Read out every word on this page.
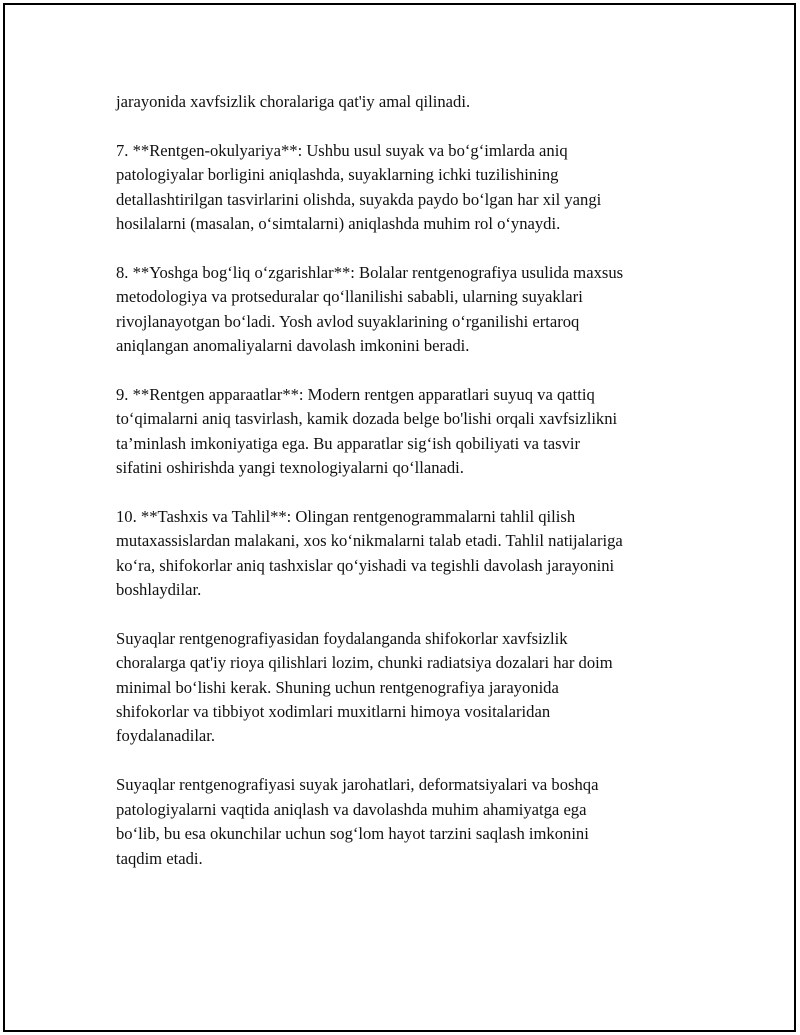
jarayonida xavfsizlik choralariga qat'iy amal qilinadi.

7. **Rentgen-okulyariya**: Ushbu usul suyak va bo‘g‘imlarda aniq
patologiyalar borligini aniqlashda, suyaklarning ichki tuzilishining
detallashtirilgan tasvirlarini olishda, suyakda paydo bo‘lgan har xil yangi
hosilalarni (masalan, o‘simtalarni) aniqlashda muhim rol o‘ynaydi.

8. **Yoshga bog‘liq o‘zgarishlar**: Bolalar rentgenografiya usulida maxsus
metodologiya va protseduralar qo‘llanilishi sababli, ularning suyaklari
rivojlanayotgan bo‘ladi. Yosh avlod suyaklarining o‘rganilishi ertaroq
aniqlangan anomaliyalarni davolash imkonini beradi.

9. **Rentgen apparaatlar**: Modern rentgen apparatlari suyuq va qattiq
to‘qimalarni aniq tasvirlash, kamik dozada belge bo'lishi orqali xavfsizlikni
ta’minlash imkoniyatiga ega. Bu apparatlar sig‘ish qobiliyati va tasvir
sifatini oshirishda yangi texnologiyalarni qo‘llanadi.

10. **Tashxis va Tahlil**: Olingan rentgenogrammalarni tahlil qilish
mutaxassislardan malakani, xos ko‘nikmalarni talab etadi. Tahlil natijalariga
ko‘ra, shifokorlar aniq tashxislar qo‘yishadi va tegishli davolash jarayonini
boshlaydilar.

Suyaqlar rentgenografiyasidan foydalanganda shifokorlar xavfsizlik
choralarga qat'iy rioya qilishlari lozim, chunki radiatsiya dozalari har doim
minimal bo‘lishi kerak. Shuning uchun rentgenografiya jarayonida
shifokorlar va tibbiyot xodimlari muxitlarni himoya vositalaridan
foydalanadilar.

Suyaqlar rentgenografiyasi suyak jarohatlari, deformatsiyalari va boshqa
patologiyalarni vaqtida aniqlash va davolashda muhim ahamiyatga ega
bo‘lib, bu esa okunchilar uchun sog‘lom hayot tarzini saqlash imkonini
taqdim etadi.
